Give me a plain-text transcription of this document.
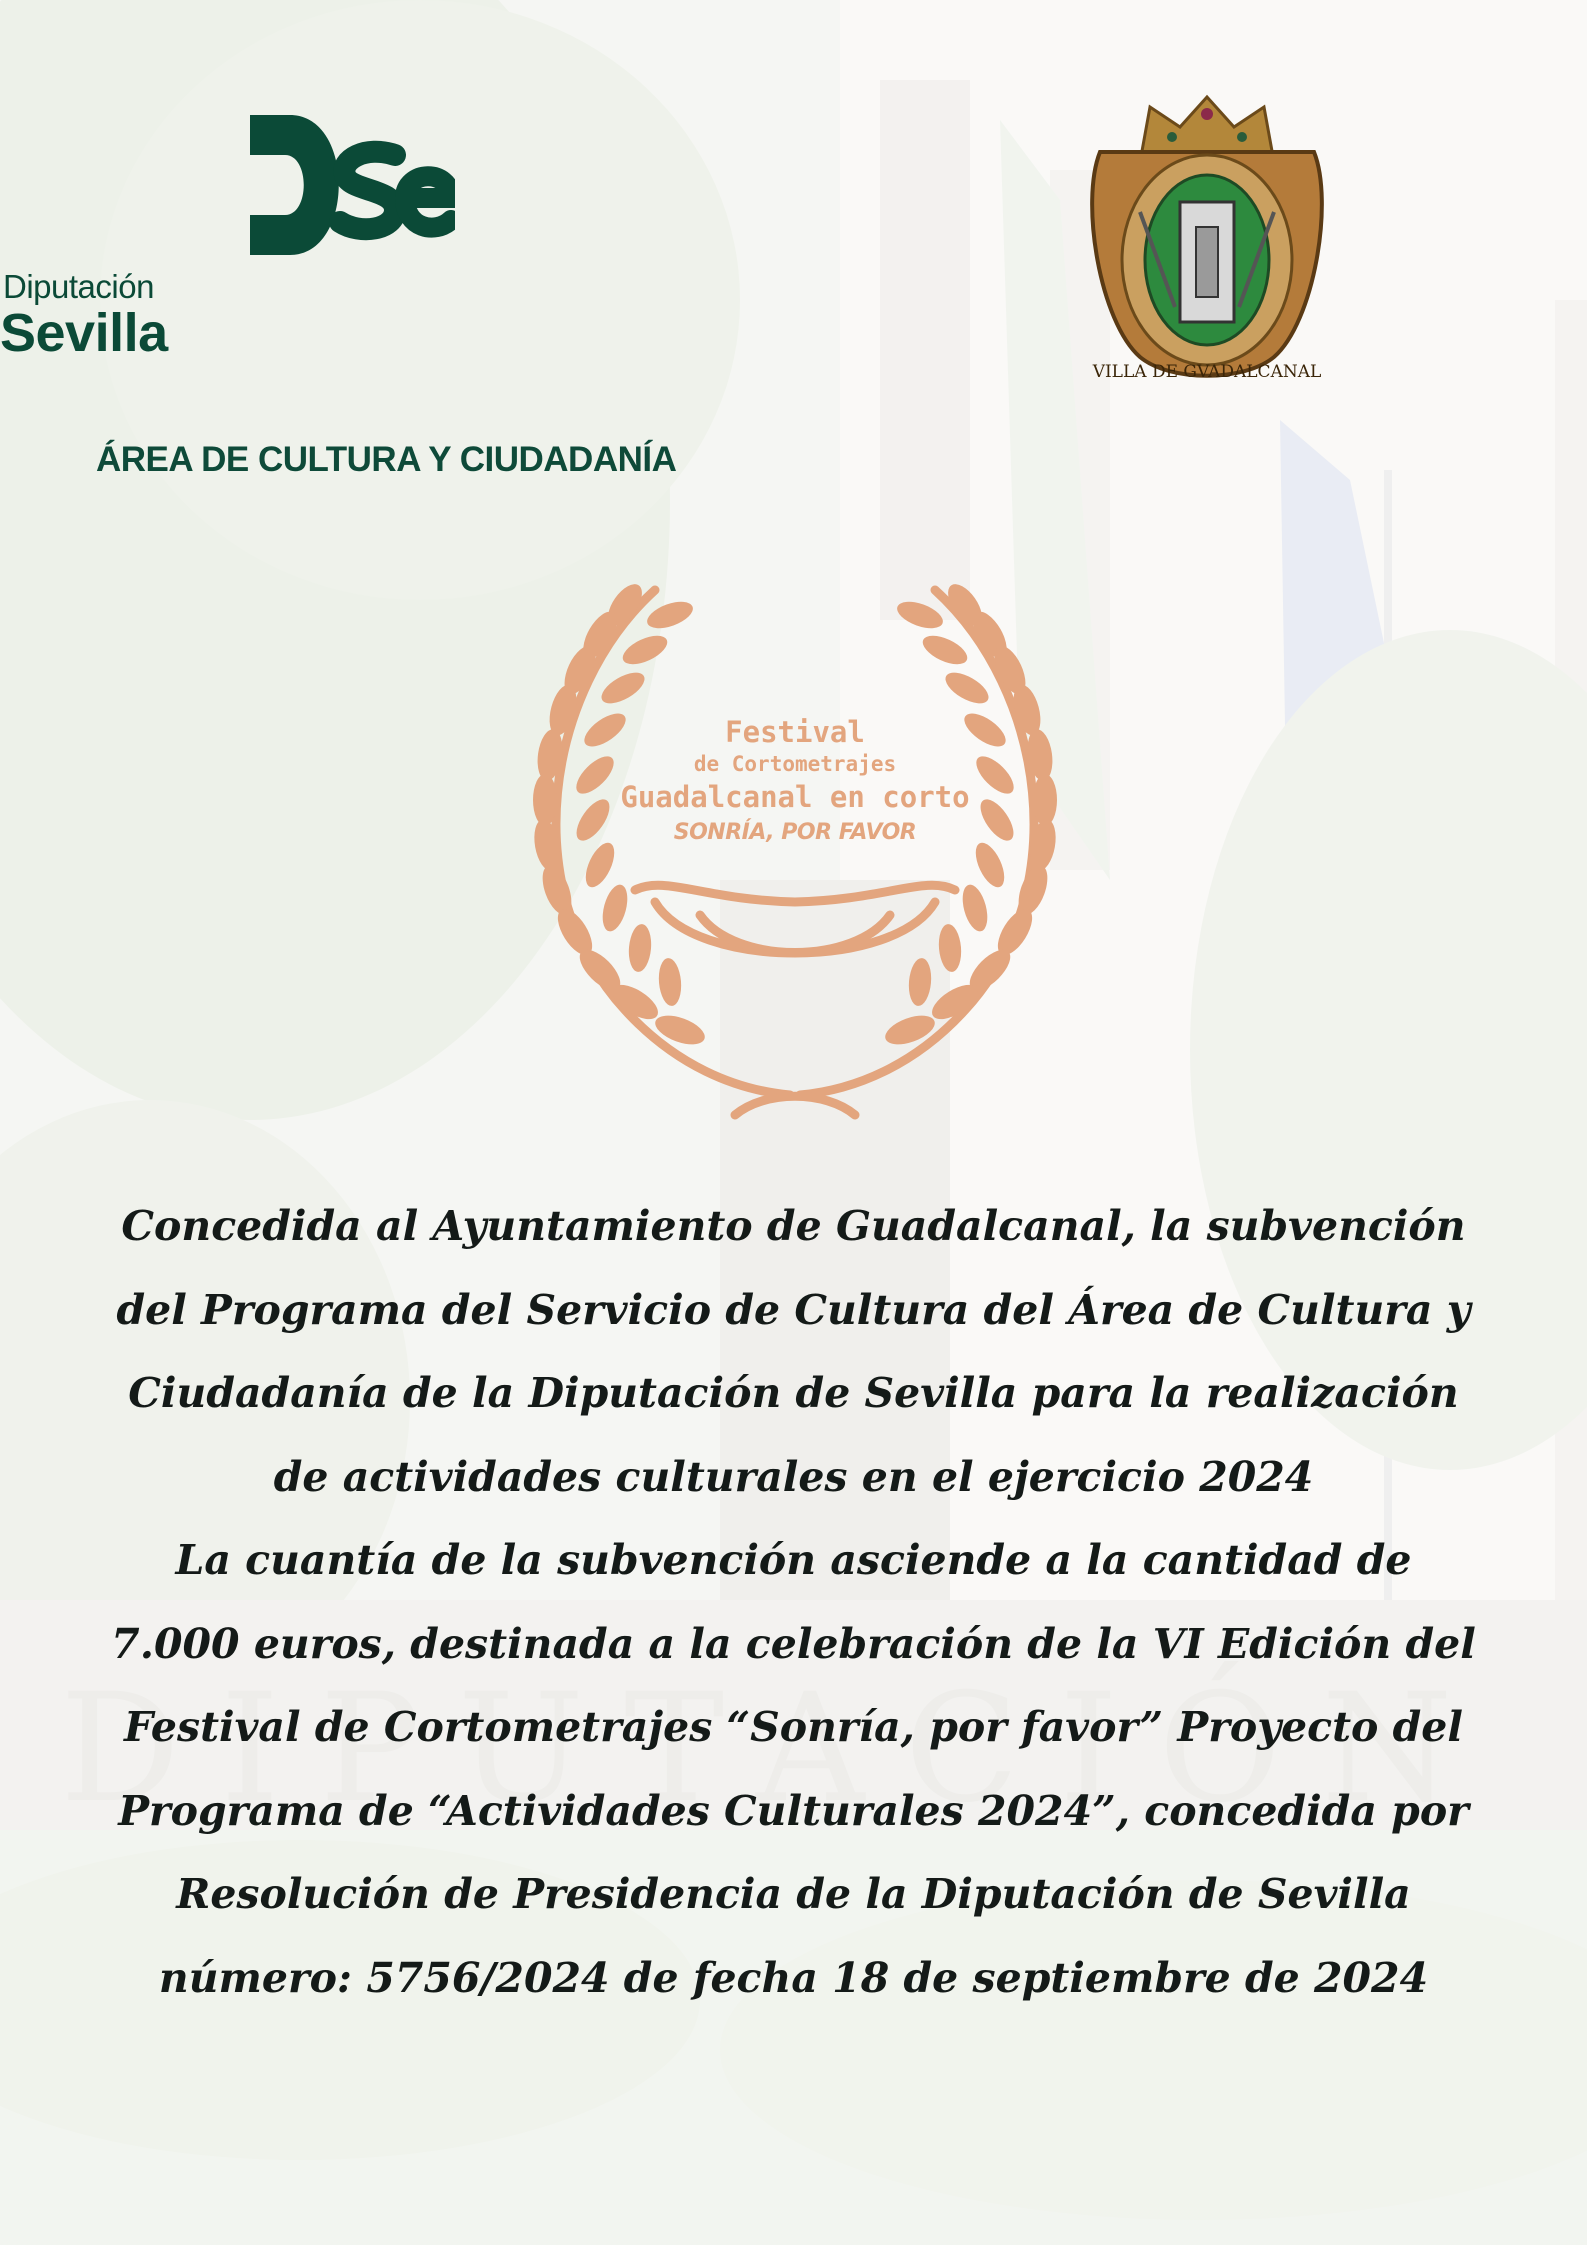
Diputación
Sevilla
VILLA DE GVADALCANAL
ÁREA DE CULTURA Y CIUDADANÍA
Festival
de Cortometrajes
Guadalcanal en corto
SONRÍA, POR FAVOR

Concedida al Ayuntamiento de Guadalcanal, la subvención del Programa del Servicio de Cultura del Área de Cultura y Ciudadanía de la Diputación de Sevilla para la realización de actividades culturales en el ejercicio 2024

La cuantía de la subvención asciende a la cantidad de 7.000 euros, destinada a la celebración de la VI Edición del Festival de Cortometrajes “Sonría, por favor” Proyecto del Programa de “Actividades Culturales 2024”, concedida por Resolución de Presidencia de la Diputación de Sevilla número: 5756/2024 de fecha 18 de septiembre de 2024
